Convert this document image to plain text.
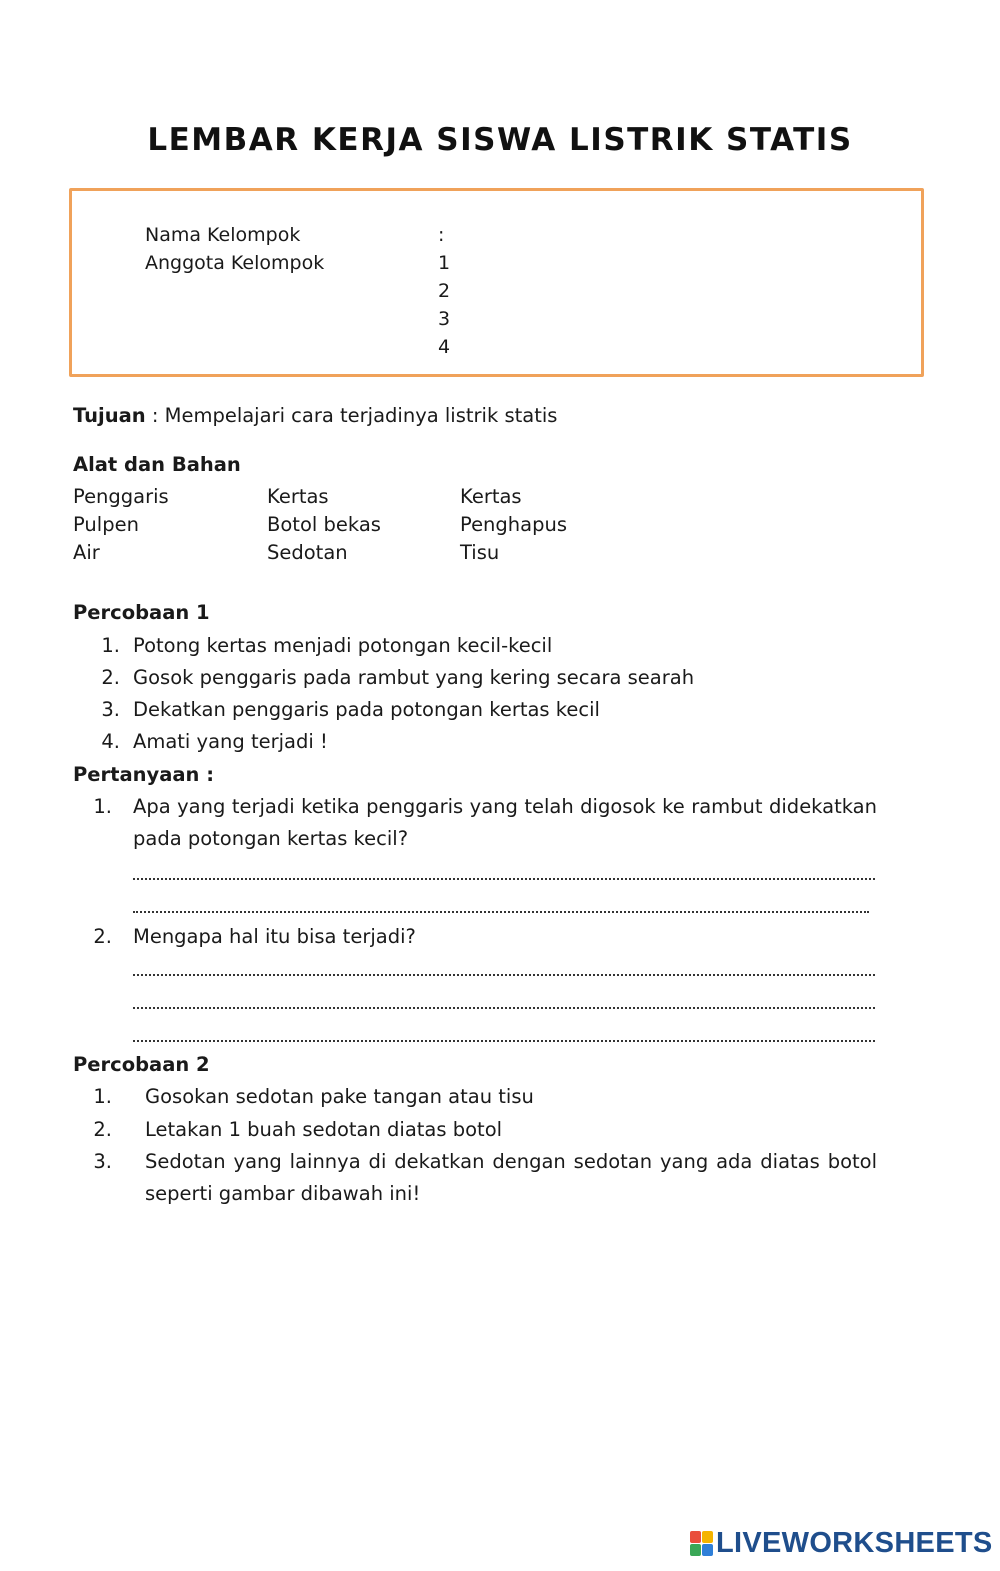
LEMBAR KERJA SISWA LISTRIK STATIS
Nama Kelompok	:
Anggota Kelompok	1
2
3
4
Tujuan : Mempelajari cara terjadinya listrik statis
Alat dan Bahan
Penggaris	Kertas	Kertas
Pulpen	Botol bekas	Penghapus
Air	Sedotan	Tisu
Percobaan 1
1. Potong kertas menjadi potongan kecil-kecil
2. Gosok penggaris pada rambut yang kering secara searah
3. Dekatkan penggaris pada potongan kertas kecil
4. Amati yang terjadi !
Pertanyaan :
1. Apa yang terjadi ketika penggaris yang telah digosok ke rambut didekatkan
pada potongan kertas kecil?
2. Mengapa hal itu bisa terjadi?
Percobaan 2
1. Gosokan sedotan pake tangan atau tisu
2. Letakan 1 buah sedotan diatas botol
3. Sedotan yang lainnya di dekatkan dengan sedotan yang ada diatas botol
seperti gambar dibawah ini!
LIVEWORKSHEETS
